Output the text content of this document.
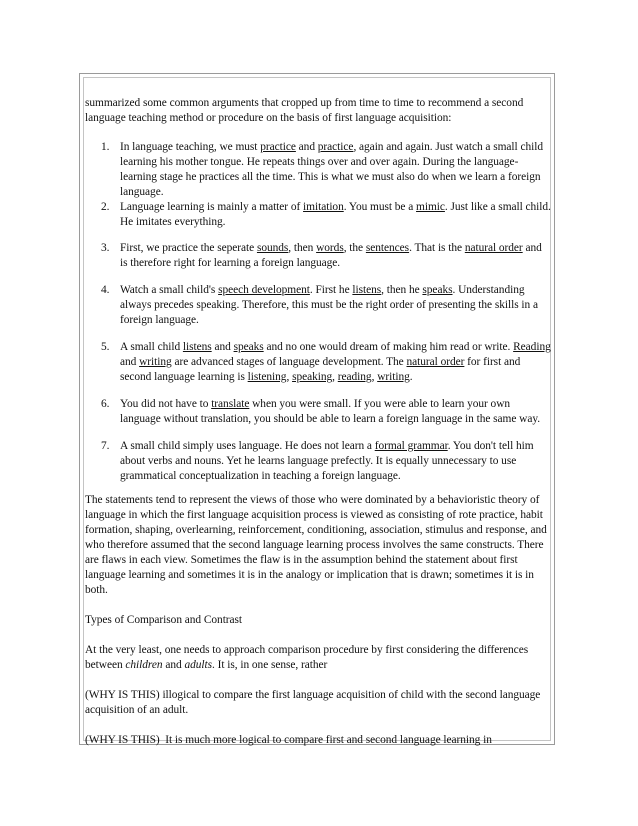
summarized some common arguments that cropped up from time to time to recommend a second language teaching method or procedure on the basis of first language acquisition:

1. In language teaching, we must practice and practice, again and again. Just watch a small child learning his mother tongue. He repeats things over and over again. During the language-learning stage he practices all the time. This is what we must also do when we learn a foreign language.
2. Language learning is mainly a matter of imitation. You must be a mimic. Just like a small child. He imitates everything.
3. First, we practice the seperate sounds, then words, the sentences. That is the natural order and is therefore right for learning a foreign language.
4. Watch a small child's speech development. First he listens, then he speaks. Understanding always precedes speaking. Therefore, this must be the right order of presenting the skills in a foreign language.
5. A small child listens and speaks and no one would dream of making him read or write. Reading and writing are advanced stages of language development. The natural order for first and second language learning is listening, speaking, reading, writing.
6. You did not have to translate when you were small. If you were able to learn your own language without translation, you should be able to learn a foreign language in the same way.
7. A small child simply uses language. He does not learn a formal grammar. You don't tell him about verbs and nouns. Yet he learns language prefectly. It is equally unnecessary to use grammatical conceptualization in teaching a foreign language.

The statements tend to represent the views of those who were dominated by a behavioristic theory of language in which the first language acquisition process is viewed as consisting of rote practice, habit formation, shaping, overlearning, reinforcement, conditioning, association, stimulus and response, and who therefore assumed that the second language learning process involves the same constructs. There are flaws in each view. Sometimes the flaw is in the assumption behind the statement about first language learning and sometimes it is in the analogy or implication that is drawn; sometimes it is in both.

Types of Comparison and Contrast

At the very least, one needs to approach comparison procedure by first considering the differences between children and adults. It is, in one sense, rather

(WHY IS THIS) illogical to compare the first language acquisition of child with the second language acquisition of an adult.

(WHY IS THIS)  It is much more logical to compare first and second language learning in
